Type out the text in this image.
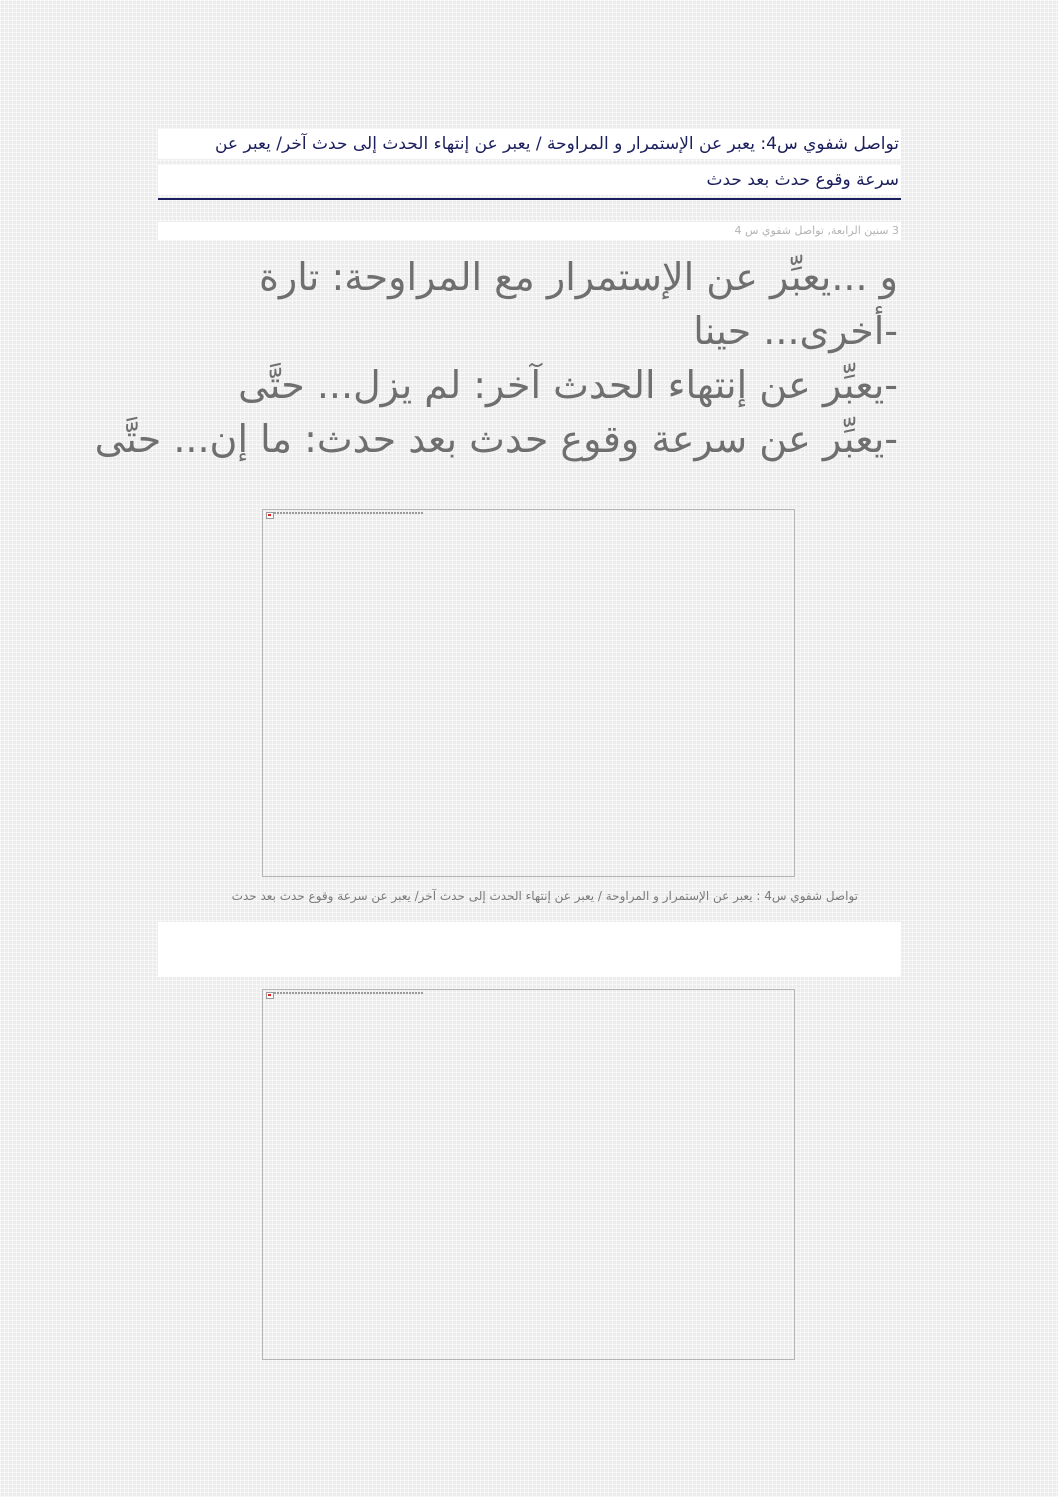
تواصل شفوي س4: يعبر عن الإستمرار و المراوحة / يعبر عن إنتهاء الحدث إلى حدث آخر/ يعبر عن
سرعة وقوع حدث بعد حدث
3 سنين الرابعة, تواصل شفوي س 4
و ...يعبِّر عن الإستمرار مع المراوحة: تارة
-أخرى... حينا
-يعبِّر عن إنتهاء الحدث آخر: لم يزل... حتَّى
-يعبِّر عن سرعة وقوع حدث بعد حدث: ما إن... حتَّى
تواصل شفوي س4 : يعبر عن الإستمرار و المراوحة / يعبر عن إنتهاء الحدث إلى حدث آخر/ يعبر عن سرعة وقوع حدث بعد حدث
